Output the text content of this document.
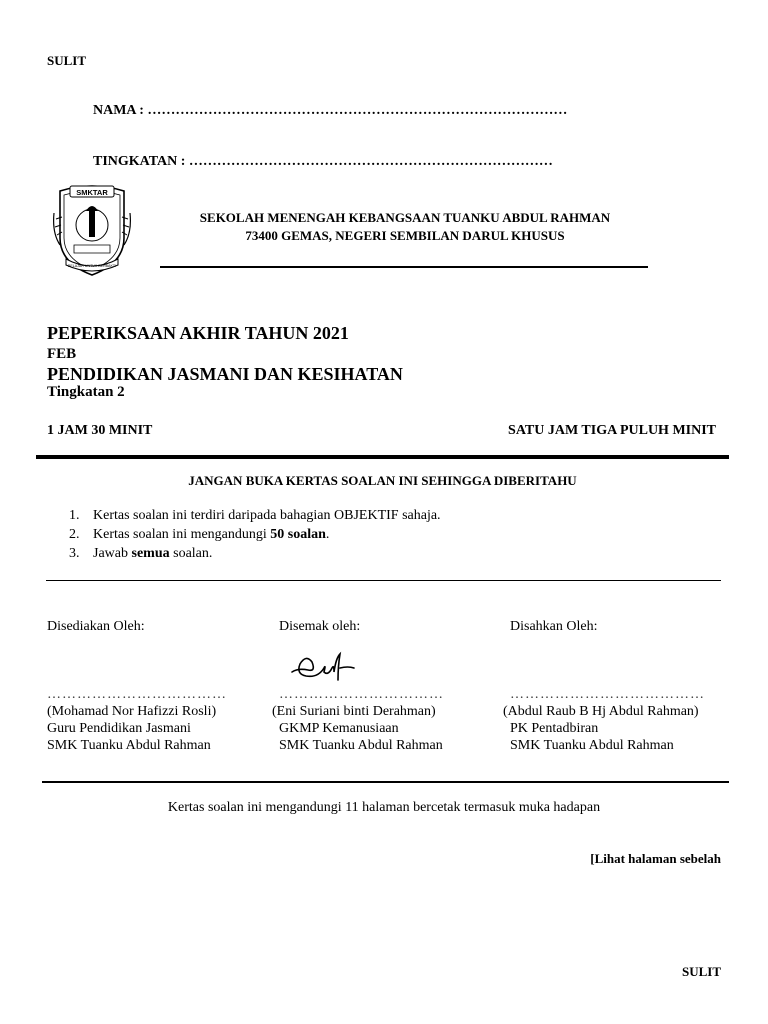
SULIT
NAMA : ………………………………………………………………………………
TINGKATAN : ……………………………………………………………………
SMKTAR
BELAJAR UNTUK BERBAKTI
SEKOLAH MENENGAH KEBANGSAAN TUANKU ABDUL RAHMAN
73400 GEMAS, NEGERI SEMBILAN DARUL KHUSUS
PEPERIKSAAN AKHIR TAHUN 2021
FEB
PENDIDIKAN JASMANI DAN KESIHATAN
Tingkatan 2
1 JAM 30 MINIT	SATU JAM TIGA PULUH MINIT
JANGAN BUKA KERTAS SOALAN INI SEHINGGA DIBERITAHU
1. Kertas soalan ini terdiri daripada bahagian OBJEKTIF sahaja.
2. Kertas soalan ini mengandungi 50 soalan.
3. Jawab semua soalan.
Disediakan Oleh:
………………………………
(Mohamad Nor Hafizzi Rosli)
Guru Pendidikan Jasmani
SMK Tuanku Abdul Rahman
Disemak oleh:
……………………………
(Eni Suriani binti Derahman)
GKMP Kemanusiaan
SMK Tuanku Abdul Rahman
Disahkan Oleh:
…………………………………
(Abdul Raub B Hj Abdul Rahman)
PK Pentadbiran
SMK Tuanku Abdul Rahman
Kertas soalan ini mengandungi 11 halaman bercetak termasuk muka hadapan
[Lihat halaman sebelah
SULIT
